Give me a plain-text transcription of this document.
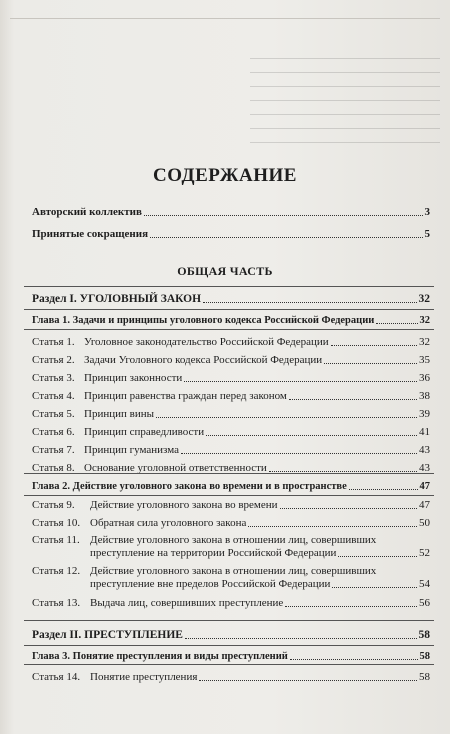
СОДЕРЖАНИЕ
Авторский коллектив	3
Принятые сокращения	5
ОБЩАЯ ЧАСТЬ
Раздел I. УГОЛОВНЫЙ ЗАКОН	32
Глава 1. Задачи и принципы уголовного кодекса Российской Федерации	32
Статья 1. Уголовное законодательство Российской Федерации	32
Статья 2. Задачи Уголовного кодекса Российской Федерации	35
Статья 3. Принцип законности	36
Статья 4. Принцип равенства граждан перед законом	38
Статья 5. Принцип вины	39
Статья 6. Принцип справедливости	41
Статья 7. Принцип гуманизма	43
Статья 8. Основание уголовной ответственности	43
Глава 2. Действие уголовного закона во времени и в пространстве	47
Статья 9.	Действие уголовного закона во времени	47
Статья 10. Обратная сила уголовного закона	50
Статья 11. Действие уголовного закона в отношении лиц, совершивших
преступление на территории Российской Федерации	52
Статья 12. Действие уголовного закона в отношении лиц, совершивших
преступление вне пределов Российской Федерации	54
Статья 13. Выдача лиц, совершивших преступление	56
Раздел II. ПРЕСТУПЛЕНИЕ	58
Глава 3. Понятие преступления и виды преступлений	58
Статья 14. Понятие преступления	58
